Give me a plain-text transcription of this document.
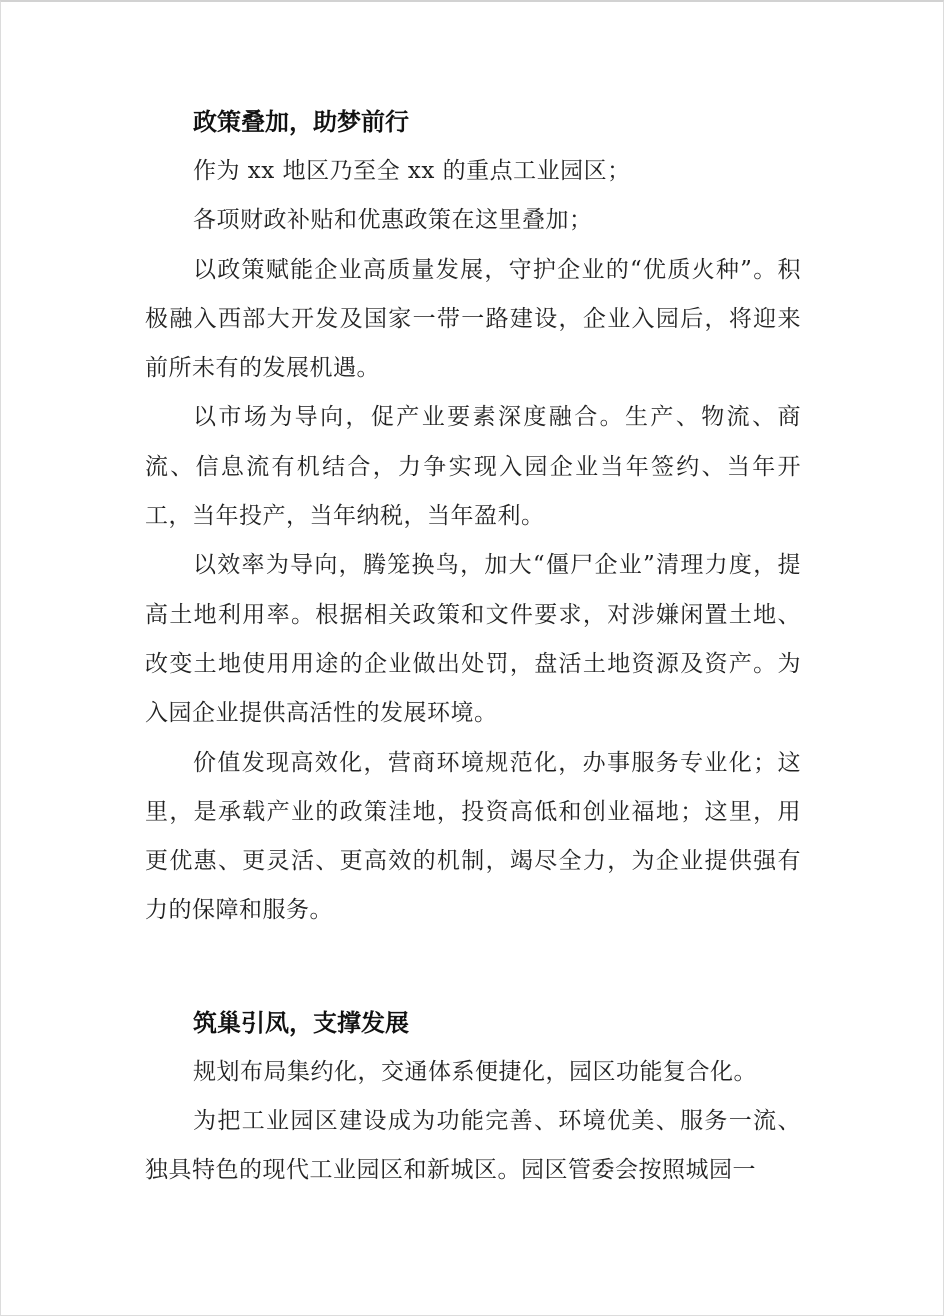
政策叠加，助梦前行

作为 xx 地区乃至全 xx 的重点工业园区；

各项财政补贴和优惠政策在这里叠加；

以政策赋能企业高质量发展，守护企业的“优质火种”。积极融入西部大开发及国家一带一路建设，企业入园后，将迎来前所未有的发展机遇。

以市场为导向，促产业要素深度融合。生产、物流、商流、信息流有机结合，力争实现入园企业当年签约、当年开工，当年投产，当年纳税，当年盈利。

以效率为导向，腾笼换鸟，加大“僵尸企业”清理力度，提高土地利用率。根据相关政策和文件要求，对涉嫌闲置土地、改变土地使用用途的企业做出处罚，盘活土地资源及资产。为入园企业提供高活性的发展环境。

价值发现高效化，营商环境规范化，办事服务专业化；这里，是承载产业的政策洼地，投资高低和创业福地；这里，用更优惠、更灵活、更高效的机制，竭尽全力，为企业提供强有力的保障和服务。

筑巢引凤，支撑发展

规划布局集约化，交通体系便捷化，园区功能复合化。

为把工业园区建设成为功能完善、环境优美、服务一流、独具特色的现代工业园区和新城区。园区管委会按照城园一
